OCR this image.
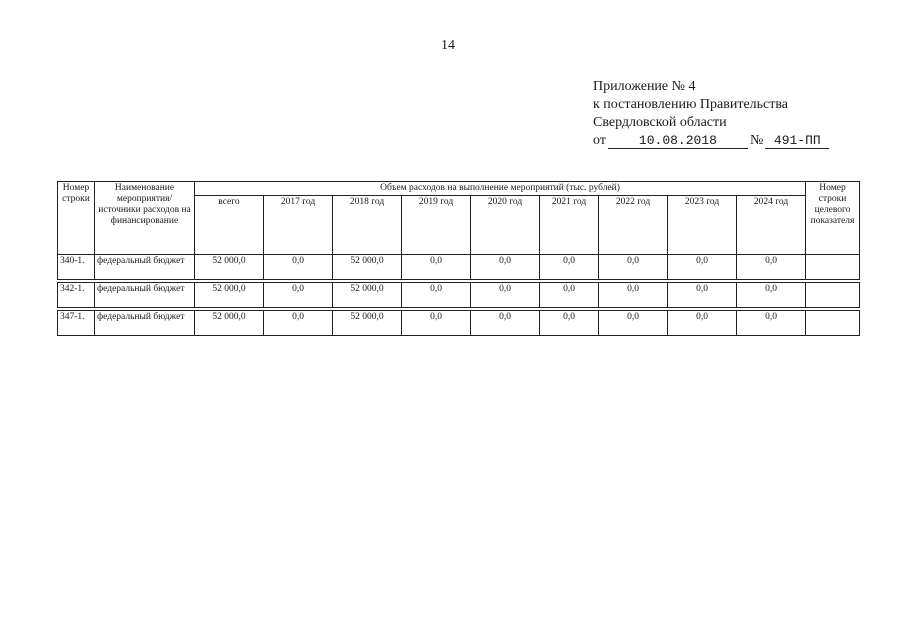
14
Приложение № 4
к постановлению Правительства
Свердловской области
от	10.08.2018	№ 491-ПП
Номер строки	Наименование мероприятия/ источники расходов на финансирование	Объем расходов на выполнение мероприятий (тыс. рублей)									Номер строки целевого показателя
		всего	2017 год	2018 год	2019 год	2020 год	2021 год	2022 год	2023 год	2024 год	
340-1.	федеральный бюджет	52 000,0	0,0	52 000,0	0,0	0,0	0,0	0,0	0,0	0,0	

342-1.	федеральный бюджет	52 000,0	0,0	52 000,0	0,0	0,0	0,0	0,0	0,0	0,0	

347-1.	федеральный бюджет	52 000,0	0,0	52 000,0	0,0	0,0	0,0	0,0	0,0	0,0	
